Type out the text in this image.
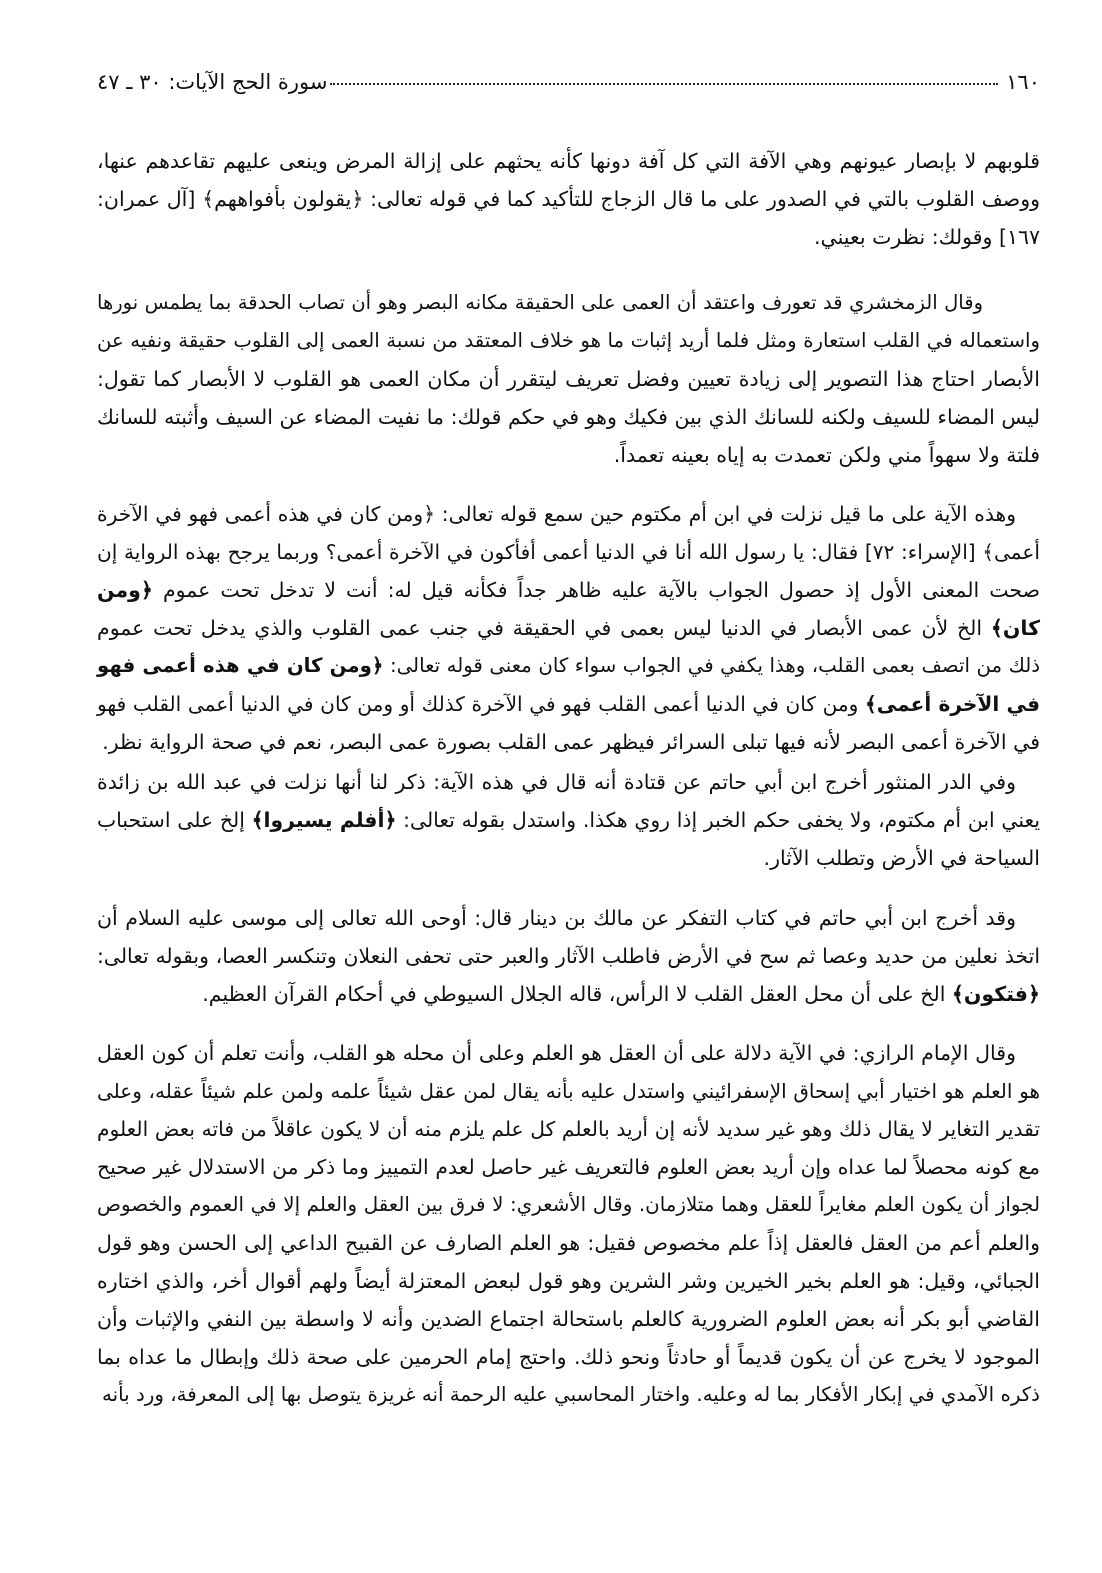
١٦٠
سورة الحج الآيات: ٣٠ ـ ٤٧
قلوبهم لا بإبصار عيونهم وهي الآفة التي كل آفة دونها كأنه يحثهم على إزالة المرض وينعى عليهم تقاعدهم عنها،
ووصف القلوب بالتي في الصدور على ما قال الزجاج للتأكيد كما في قوله تعالى: ﴿يقولون بأفواههم﴾ [آل عمران:
١٦٧] وقولك: نظرت بعيني.
وقال الزمخشري قد تعورف واعتقد أن العمى على الحقيقة مكانه البصر وهو أن تصاب الحدقة بما يطمس نورها
واستعماله في القلب استعارة ومثل فلما أريد إثبات ما هو خلاف المعتقد من نسبة العمى إلى القلوب حقيقة ونفيه عن
الأبصار احتاج هذا التصوير إلى زيادة تعيين وفضل تعريف ليتقرر أن مكان العمى هو القلوب لا الأبصار كما تقول:
ليس المضاء للسيف ولكنه للسانك الذي بين فكيك وهو في حكم قولك: ما نفيت المضاء عن السيف وأثبته للسانك
فلتة ولا سهواً مني ولكن تعمدت به إياه بعينه تعمداً.
وهذه الآية على ما قيل نزلت في ابن أم مكتوم حين سمع قوله تعالى: ﴿ومن كان في هذه أعمى فهو في الآخرة
أعمى﴾ [الإسراء: ٧٢] فقال: يا رسول الله أنا في الدنيا أعمى أفأكون في الآخرة أعمى؟ وربما يرجح بهذه الرواية إن
صحت المعنى الأول إذ حصول الجواب بالآية عليه ظاهر جداً فكأنه قيل له: أنت لا تدخل تحت عموم ﴿ومن
كان﴾ الخ لأن عمى الأبصار في الدنيا ليس بعمى في الحقيقة في جنب عمى القلوب والذي يدخل تحت عموم
ذلك من اتصف بعمى القلب، وهذا يكفي في الجواب سواء كان معنى قوله تعالى: ﴿ومن كان في هذه أعمى فهو
في الآخرة أعمى﴾ ومن كان في الدنيا أعمى القلب فهو في الآخرة كذلك أو ومن كان في الدنيا أعمى القلب فهو
في الآخرة أعمى البصر لأنه فيها تبلى السرائر فيظهر عمى القلب بصورة عمى البصر، نعم في صحة الرواية نظر.
وفي الدر المنثور أخرج ابن أبي حاتم عن قتادة أنه قال في هذه الآية: ذكر لنا أنها نزلت في عبد الله بن زائدة
يعني ابن أم مكتوم، ولا يخفى حكم الخبر إذا روي هكذا. واستدل بقوله تعالى: ﴿أفلم يسيروا﴾ إلخ على استحباب
السياحة في الأرض وتطلب الآثار.
وقد أخرج ابن أبي حاتم في كتاب التفكر عن مالك بن دينار قال: أوحى الله تعالى إلى موسى عليه السلام أن
اتخذ نعلين من حديد وعصا ثم سح في الأرض فاطلب الآثار والعبر حتى تحفى النعلان وتنكسر العصا، وبقوله تعالى:
﴿فتكون﴾ الخ على أن محل العقل القلب لا الرأس، قاله الجلال السيوطي في أحكام القرآن العظيم.
وقال الإمام الرازي: في الآية دلالة على أن العقل هو العلم وعلى أن محله هو القلب، وأنت تعلم أن كون العقل
هو العلم هو اختيار أبي إسحاق الإسفرائيني واستدل عليه بأنه يقال لمن عقل شيئاً علمه ولمن علم شيئاً عقله، وعلى
تقدير التغاير لا يقال ذلك وهو غير سديد لأنه إن أريد بالعلم كل علم يلزم منه أن لا يكون عاقلاً من فاته بعض العلوم
مع كونه محصلاً لما عداه وإن أريد بعض العلوم فالتعريف غير حاصل لعدم التمييز وما ذكر من الاستدلال غير صحيح
لجواز أن يكون العلم مغايراً للعقل وهما متلازمان. وقال الأشعري: لا فرق بين العقل والعلم إلا في العموم والخصوص
والعلم أعم من العقل فالعقل إذاً علم مخصوص فقيل: هو العلم الصارف عن القبيح الداعي إلى الحسن وهو قول
الجبائي، وقيل: هو العلم بخير الخيرين وشر الشرين وهو قول لبعض المعتزلة أيضاً ولهم أقوال أخر، والذي اختاره
القاضي أبو بكر أنه بعض العلوم الضرورية كالعلم باستحالة اجتماع الضدين وأنه لا واسطة بين النفي والإثبات وأن
الموجود لا يخرج عن أن يكون قديماً أو حادثاً ونحو ذلك. واحتج إمام الحرمين على صحة ذلك وإبطال ما عداه بما
ذكره الآمدي في إبكار الأفكار بما له وعليه. واختار المحاسبي عليه الرحمة أنه غريزة يتوصل بها إلى المعرفة، ورد بأنه
